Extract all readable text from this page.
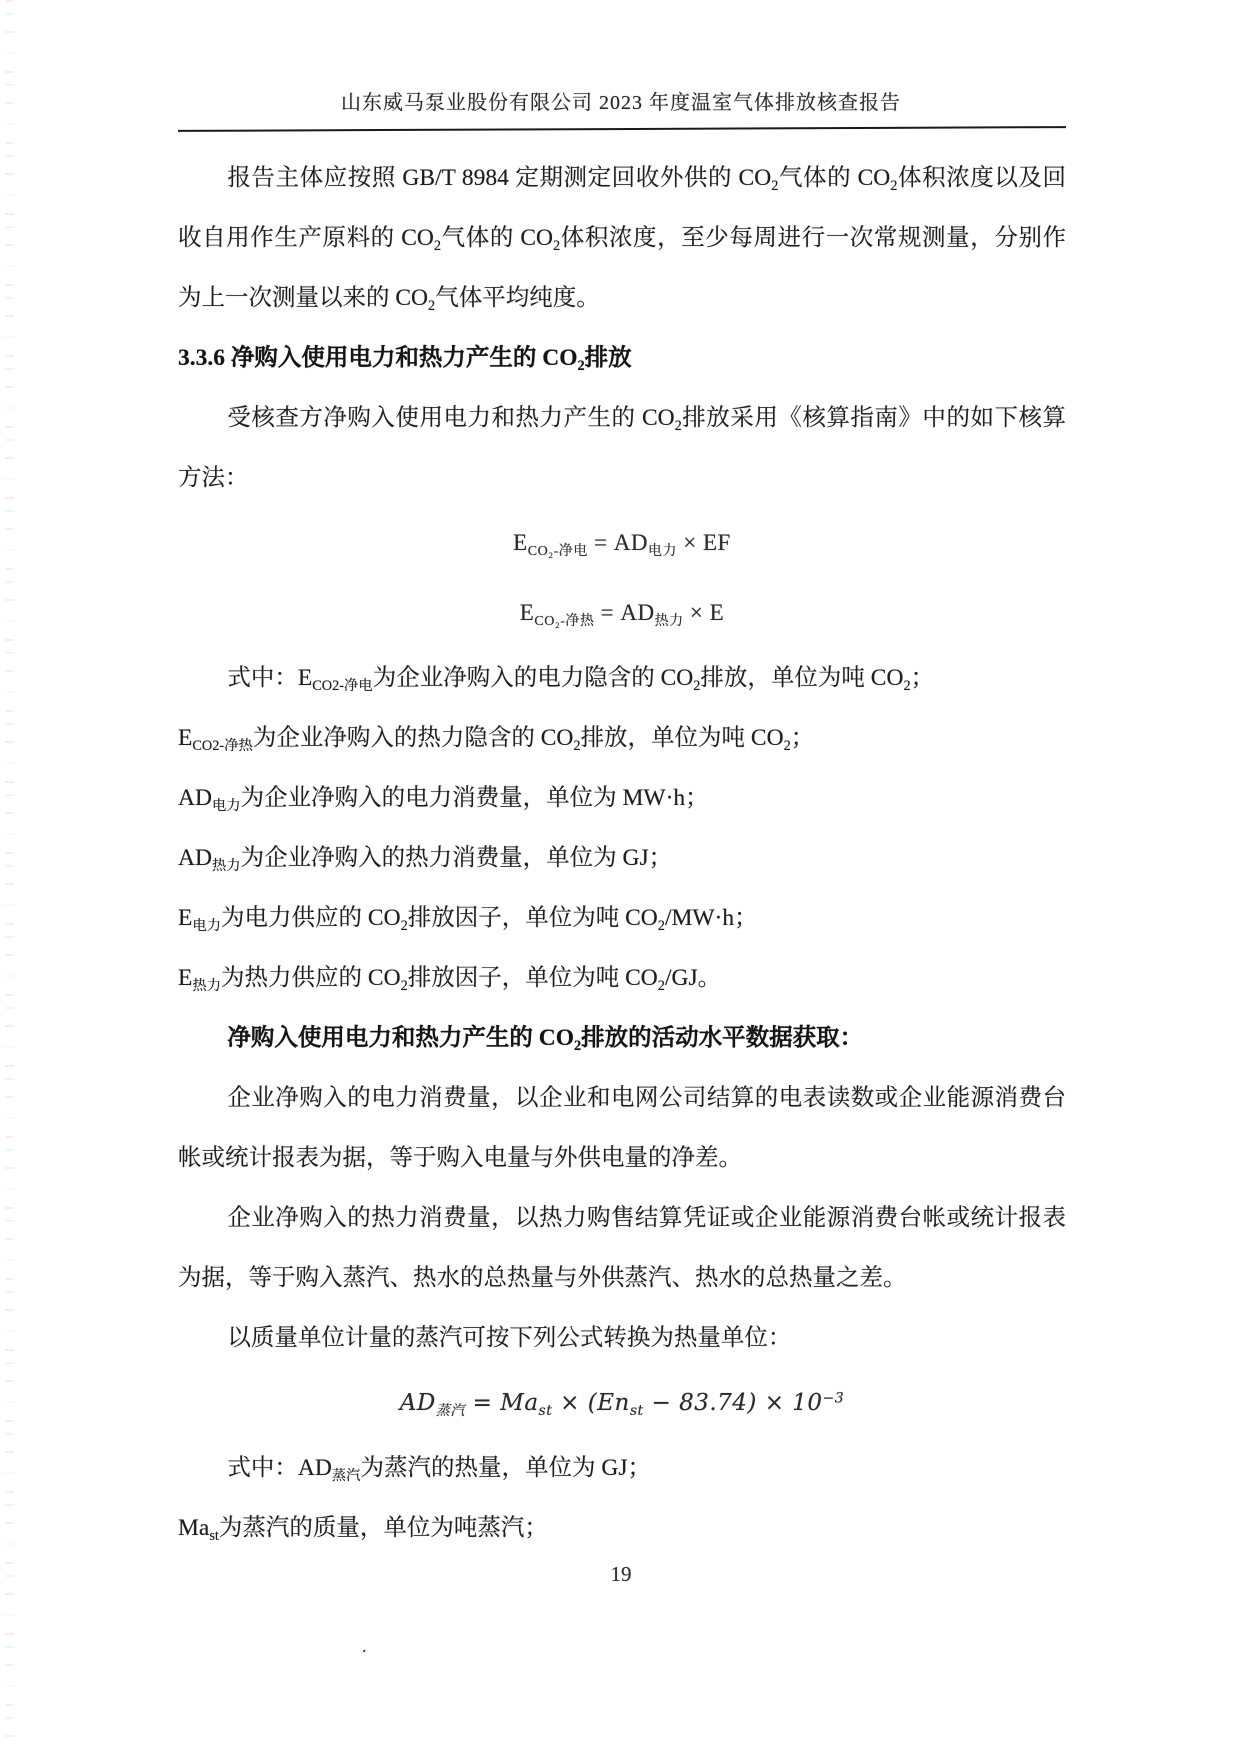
山东威马泵业股份有限公司 2023 年度温室气体排放核查报告

报告主体应按照 GB/T 8984 定期测定回收外供的 $CO_2$气体的 $CO_2$体积浓度以及回收自用作生产原料的 $CO_2$气体的 $CO_2$体积浓度，至少每周进行一次常规测量，分别作为上一次测量以来的 $CO_2$气体平均纯度。

3.3.6 净购入使用电力和热力产生的 $CO_2$排放

受核查方净购入使用电力和热力产生的 $CO_2$排放采用《核算指南》中的如下核算方法：

$E_{CO_2-净电} = AD_{电力}$ × EF
$E_{CO_2-净热} = AD_{热力} \times E$

式中：$E_{CO2-净电}$为企业净购入的电力隐含的 $CO_2$排放，单位为吨 $CO_2$；

$E_{CO2-净热}$为企业净购入的热力隐含的 $CO_2$排放，单位为吨 $CO_2$；

$AD_{电力}$为企业净购入的电力消费量，单位为 MW·h；

$AD_{热力}$为企业净购入的热力消费量，单位为 GJ；

$E_{电力}$为电力供应的 $CO_2$排放因子，单位为吨 $CO_2/MW\cdot h$；

$E_{热力}$为热力供应的 $CO_2$排放因子，单位为吨 $CO_2/GJ$。

净购入使用电力和热力产生的 $CO_2$排放的活动水平数据获取：

企业净购入的电力消费量，以企业和电网公司结算的电表读数或企业能源消费台帐或统计报表为据，等于购入电量与外供电量的净差。

企业净购入的热力消费量，以热力购售结算凭证或企业能源消费台帐或统计报表为据，等于购入蒸汽、热水的总热量与外供蒸汽、热水的总热量之差。

以质量单位计量的蒸汽可按下列公式转换为热量单位：

$AD_{蒸汽} = Ma_{st} \times (En_{st} - 83.74) \times 10^{-3}$

式中：$AD_{蒸汽}$为蒸汽的热量，单位为 GJ；

$Ma_{st}$为蒸汽的质量，单位为吨蒸汽；

19
.
